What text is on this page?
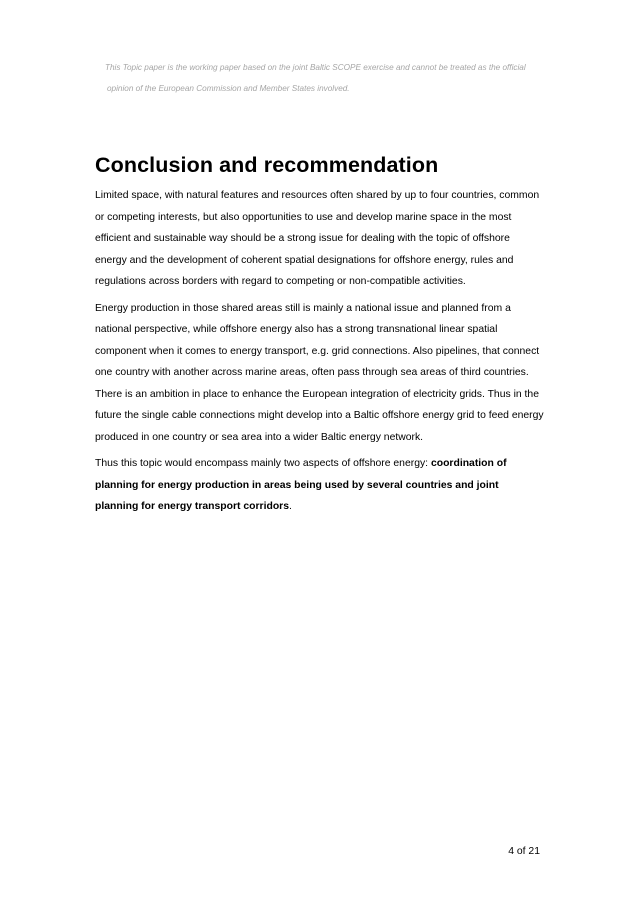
This Topic paper is the working paper based on the joint Baltic SCOPE exercise and cannot be treated as the official
opinion of the European Commission and Member States involved.
Conclusion and recommendation

Limited space, with natural features and resources often shared by up to four countries, common
or competing interests, but also opportunities to use and develop marine space in the most
efficient and sustainable way should be a strong issue for dealing with the topic of offshore
energy and the development of coherent spatial designations for offshore energy, rules and
regulations across borders with regard to competing or non-compatible activities.

Energy production in those shared areas still is mainly a national issue and planned from a
national perspective, while offshore energy also has a strong transnational linear spatial
component when it comes to energy transport, e.g. grid connections. Also pipelines, that connect
one country with another across marine areas, often pass through sea areas of third countries.
There is an ambition in place to enhance the European integration of electricity grids. Thus in the
future the single cable connections might develop into a Baltic offshore energy grid to feed energy
produced in one country or sea area into a wider Baltic energy network.

Thus this topic would encompass mainly two aspects of offshore energy: coordination of
planning for energy production in areas being used by several countries and joint
planning for energy transport corridors.

4 of 21
